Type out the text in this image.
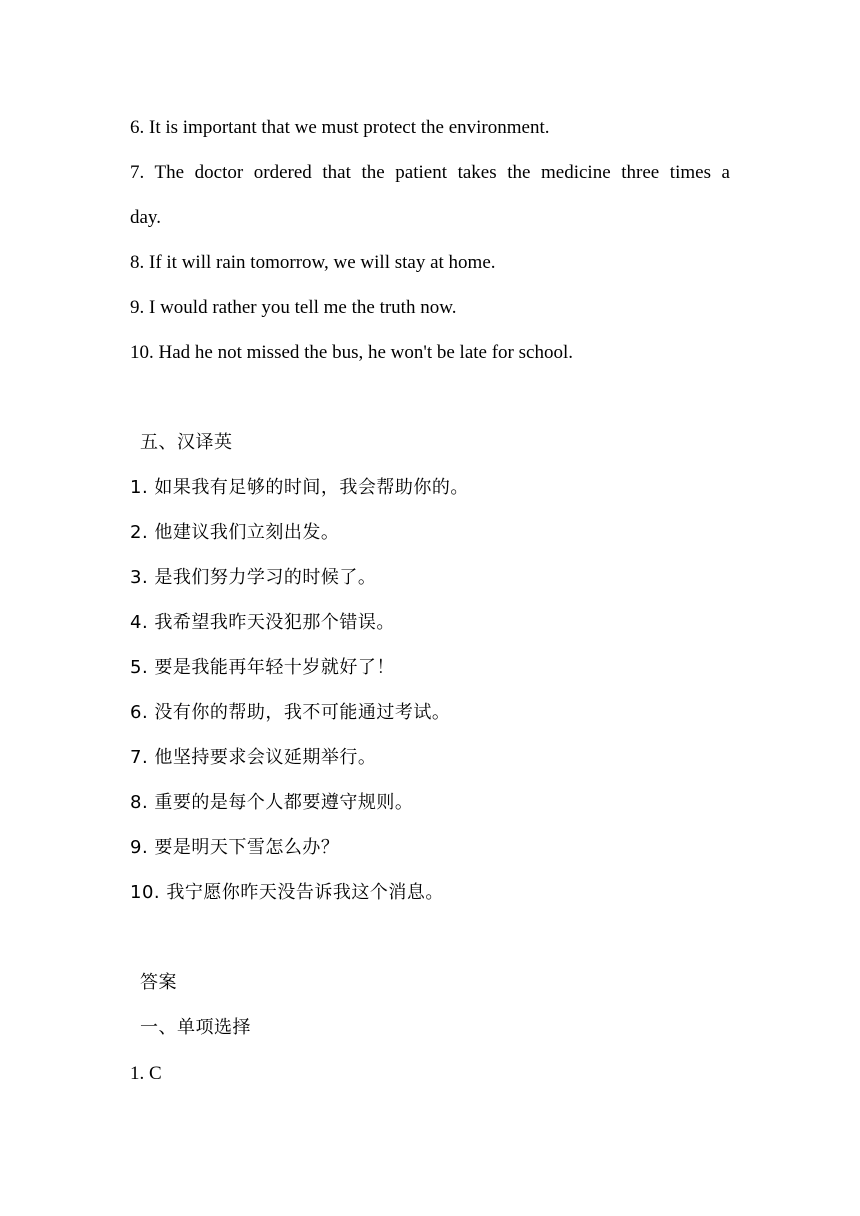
6. It is important that we must protect the environment.
7. The doctor ordered that the patient takes the medicine three times a
day.
8. If it will rain tomorrow, we will stay at home.
9. I would rather you tell me the truth now.
10. Had he not missed the bus, he won't be late for school.
五、汉译英
1. 如果我有足够的时间，我会帮助你的。
2. 他建议我们立刻出发。
3. 是我们努力学习的时候了。
4. 我希望我昨天没犯那个错误。
5. 要是我能再年轻十岁就好了！
6. 没有你的帮助，我不可能通过考试。
7. 他坚持要求会议延期举行。
8. 重要的是每个人都要遵守规则。
9. 要是明天下雪怎么办？
10. 我宁愿你昨天没告诉我这个消息。
答案
一、单项选择
1. C
